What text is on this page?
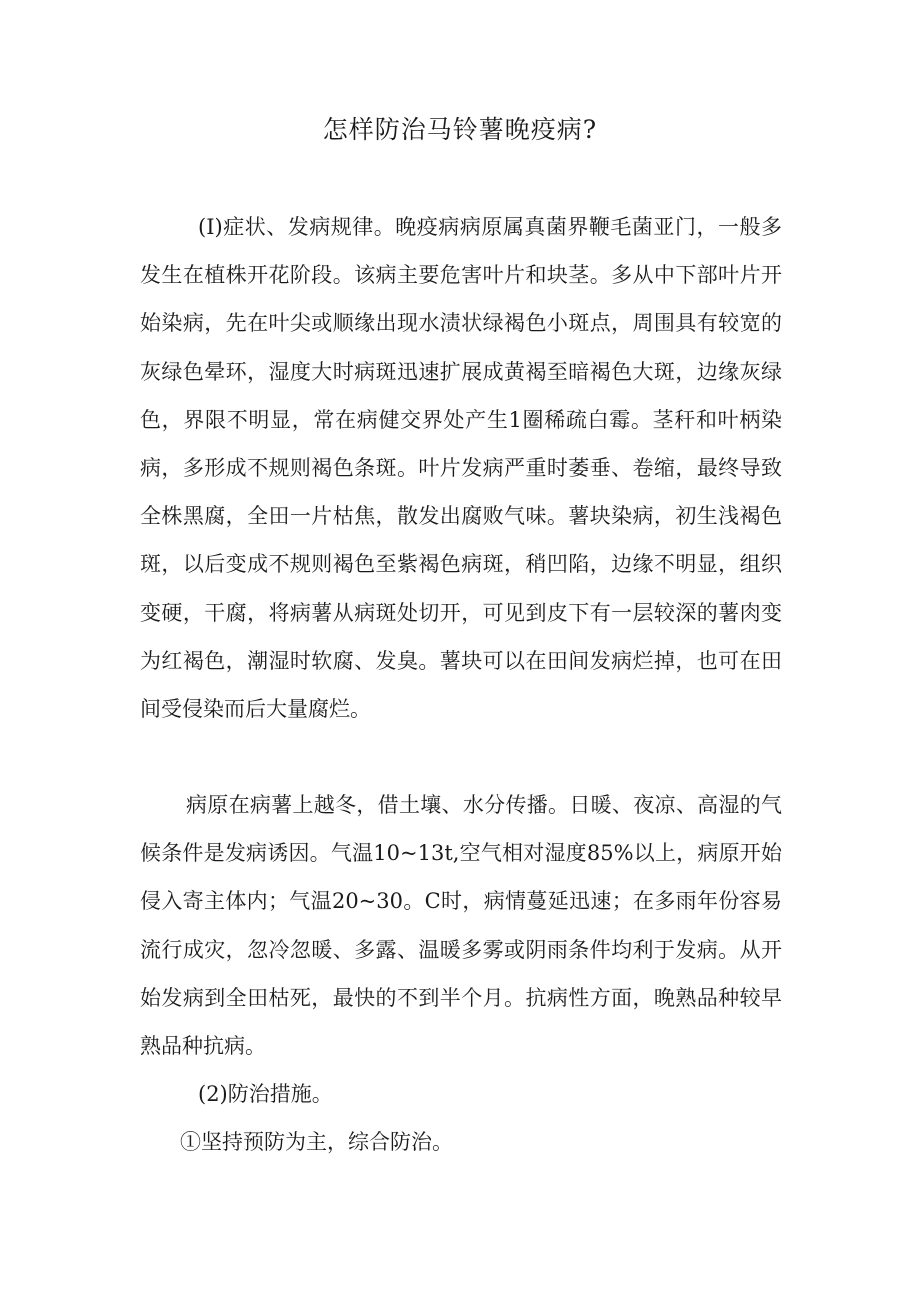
怎样防治马铃薯晚疫病?

(I)症状、发病规律。晚疫病病原属真菌界鞭毛菌亚门，一般多发生在植株开花阶段。该病主要危害叶片和块茎。多从中下部叶片开始染病，先在叶尖或顺缘出现水渍状绿褐色小斑点，周围具有较宽的灰绿色晕环，湿度大时病斑迅速扩展成黄褐至暗褐色大斑，边缘灰绿色，界限不明显，常在病健交界处产生1圈稀疏白霉。茎秆和叶柄染病，多形成不规则褐色条斑。叶片发病严重时萎垂、卷缩，最终导致全株黑腐，全田一片枯焦，散发出腐败气味。薯块染病，初生浅褐色斑，以后变成不规则褐色至紫褐色病斑，稍凹陷，边缘不明显，组织变硬，干腐，将病薯从病斑处切开，可见到皮下有一层较深的薯肉变为红褐色，潮湿时软腐、发臭。薯块可以在田间发病烂掉，也可在田间受侵染而后大量腐烂。

病原在病薯上越冬，借土壤、水分传播。日暖、夜凉、高湿的气候条件是发病诱因。气温10~13t,空气相对湿度85%以上，病原开始侵入寄主体内；气温20~30。C时，病情蔓延迅速；在多雨年份容易流行成灾，忽冷忽暖、多露、温暖多雾或阴雨条件均利于发病。从开始发病到全田枯死，最快的不到半个月。抗病性方面，晚熟品种较早熟品种抗病。

(2)防治措施。

①坚持预防为主，综合防治。
